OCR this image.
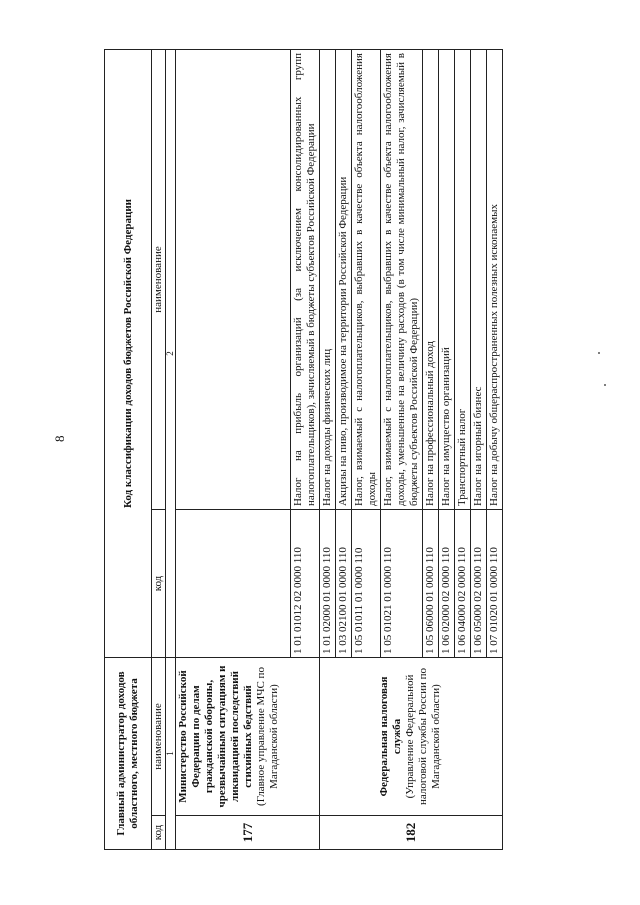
8
Главный администратор доходов областного, местного бюджета		Код классификации доходов бюджетов Российской Федерации	
код	наименование	код	наименование
1		2	
177	Министерство Российской Федерации по делам гражданской обороны, чрезвычайным ситуациям и ликвидацией последствий стихийных бедствий (Главное управление МЧС по Магаданской области)		
		1 01 01012 02 0000 110	Налог на прибыль организаций (за исключением консолидированных групп налогоплательщиков), зачисляемый в бюджеты субъектов Российской Федерации
182	Федеральная налоговая служба (Управление Федеральной налоговой службы России по Магаданской области)	1 01 02000 01 0000 110	Налог на доходы физических лиц
		1 03 02100 01 0000 110	Акцизы на пиво, производимое на территории Российской Федерации
		1 05 01011 01 0000 110	Налог, взимаемый с налогоплательщиков, выбравших в качестве объекта налогообложения доходы
		1 05 01021 01 0000 110	Налог, взимаемый с налогоплательщиков, выбравших в качестве объекта налогообложения доходы, уменьшенные на величину расходов (в том числе минимальный налог, зачисляемый в бюджеты субъектов Российской Федерации)
		1 05 06000 01 0000 110	Налог на профессиональный доход
		1 06 02000 02 0000 110	Налог на имущество организаций
		1 06 04000 02 0000 110	Транспортный налог
		1 06 05000 02 0000 110	Налог на игорный бизнес
		1 07 01020 01 0000 110	Налог на добычу общераспространенных полезных ископаемых
